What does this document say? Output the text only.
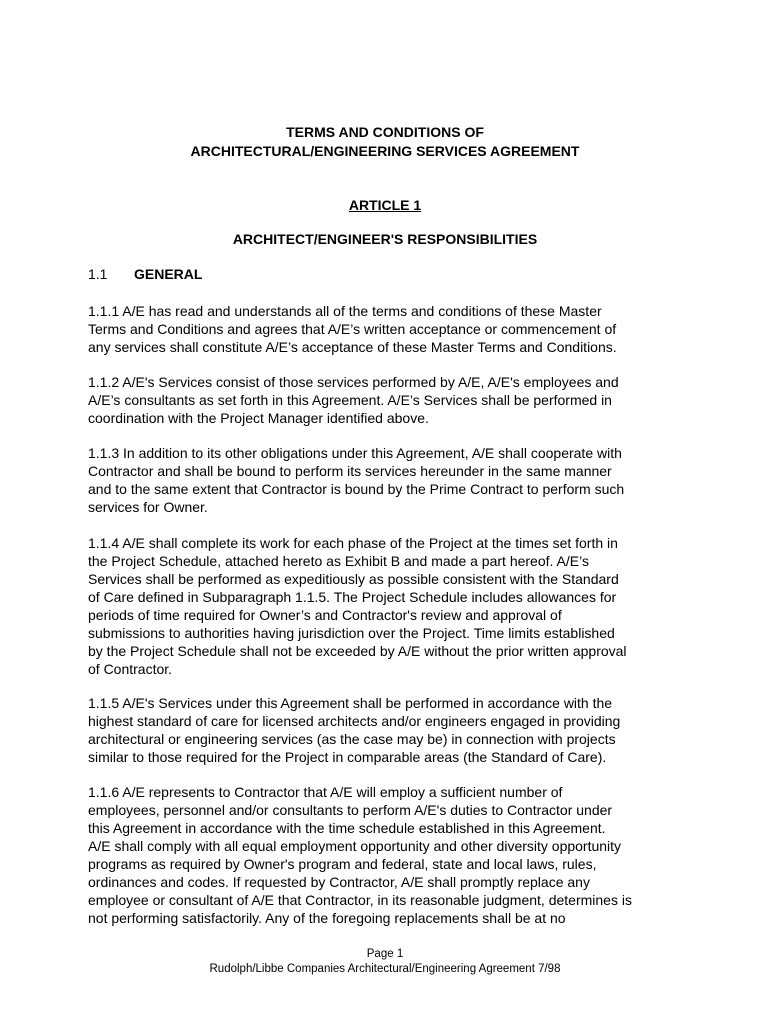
TERMS AND CONDITIONS OF
ARCHITECTURAL/ENGINEERING SERVICES AGREEMENT
ARTICLE 1
ARCHITECT/ENGINEER'S RESPONSIBILITIES
1.1 GENERAL

1.1.1 A/E has read and understands all of the terms and conditions of these Master
Terms and Conditions and agrees that A/E’s written acceptance or commencement of
any services shall constitute A/E’s acceptance of these Master Terms and Conditions.

1.1.2 A/E's Services consist of those services performed by A/E, A/E's employees and
A/E’s consultants as set forth in this Agreement. A/E’s Services shall be performed in
coordination with the Project Manager identified above.

1.1.3 In addition to its other obligations under this Agreement, A/E shall cooperate with
Contractor and shall be bound to perform its services hereunder in the same manner
and to the same extent that Contractor is bound by the Prime Contract to perform such
services for Owner.

1.1.4 A/E shall complete its work for each phase of the Project at the times set forth in
the Project Schedule, attached hereto as Exhibit B and made a part hereof. A/E’s
Services shall be performed as expeditiously as possible consistent with the Standard
of Care defined in Subparagraph 1.1.5. The Project Schedule includes allowances for
periods of time required for Owner’s and Contractor's review and approval of
submissions to authorities having jurisdiction over the Project. Time limits established
by the Project Schedule shall not be exceeded by A/E without the prior written approval
of Contractor.

1.1.5 A/E's Services under this Agreement shall be performed in accordance with the
highest standard of care for licensed architects and/or engineers engaged in providing
architectural or engineering services (as the case may be) in connection with projects
similar to those required for the Project in comparable areas (the Standard of Care).

1.1.6 A/E represents to Contractor that A/E will employ a sufficient number of
employees, personnel and/or consultants to perform A/E's duties to Contractor under
this Agreement in accordance with the time schedule established in this Agreement.
A/E shall comply with all equal employment opportunity and other diversity opportunity
programs as required by Owner's program and federal, state and local laws, rules,
ordinances and codes. If requested by Contractor, A/E shall promptly replace any
employee or consultant of A/E that Contractor, in its reasonable judgment, determines is
not performing satisfactorily. Any of the foregoing replacements shall be at no

Page 1
Rudolph/Libbe Companies Architectural/Engineering Agreement 7/98
